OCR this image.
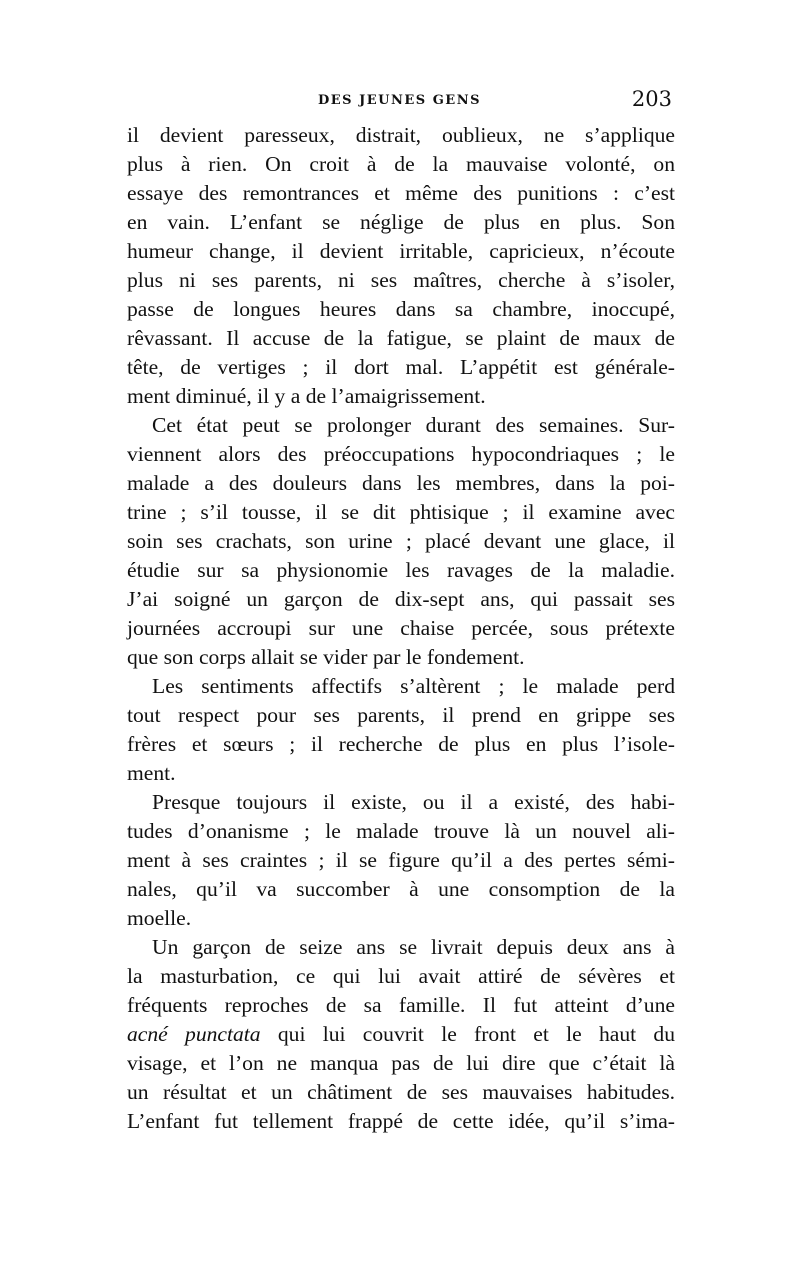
DES JEUNES GENS	203
il devient paresseux, distrait, oublieux, ne s’applique
plus à rien. On croit à de la mauvaise volonté, on
essaye des remontrances et même des punitions : c’est
en vain. L’enfant se néglige de plus en plus. Son
humeur change, il devient irritable, capricieux, n’écoute
plus ni ses parents, ni ses maîtres, cherche à s’isoler,
passe de longues heures dans sa chambre, inoccupé,
rêvassant. Il accuse de la fatigue, se plaint de maux de
tête, de vertiges ; il dort mal. L’appétit est générale-
ment diminué, il y a de l’amaigrissement.
Cet état peut se prolonger durant des semaines. Sur-
viennent alors des préoccupations hypocondriaques ; le
malade a des douleurs dans les membres, dans la poi-
trine ; s’il tousse, il se dit phtisique ; il examine avec
soin ses crachats, son urine ; placé devant une glace, il
étudie sur sa physionomie les ravages de la maladie.
J’ai soigné un garçon de dix-sept ans, qui passait ses
journées accroupi sur une chaise percée, sous prétexte
que son corps allait se vider par le fondement.
Les sentiments affectifs s’altèrent ; le malade perd
tout respect pour ses parents, il prend en grippe ses
frères et sœurs ; il recherche de plus en plus l’isole-
ment.
Presque toujours il existe, ou il a existé, des habi-
tudes d’onanisme ; le malade trouve là un nouvel ali-
ment à ses craintes ; il se figure qu’il a des pertes sémi-
nales, qu’il va succomber à une consomption de la
moelle.
Un garçon de seize ans se livrait depuis deux ans à
la masturbation, ce qui lui avait attiré de sévères et
fréquents reproches de sa famille. Il fut atteint d’une
acné punctata qui lui couvrit le front et le haut du
visage, et l’on ne manqua pas de lui dire que c’était là
un résultat et un châtiment de ses mauvaises habitudes.
L’enfant fut tellement frappé de cette idée, qu’il s’ima-
